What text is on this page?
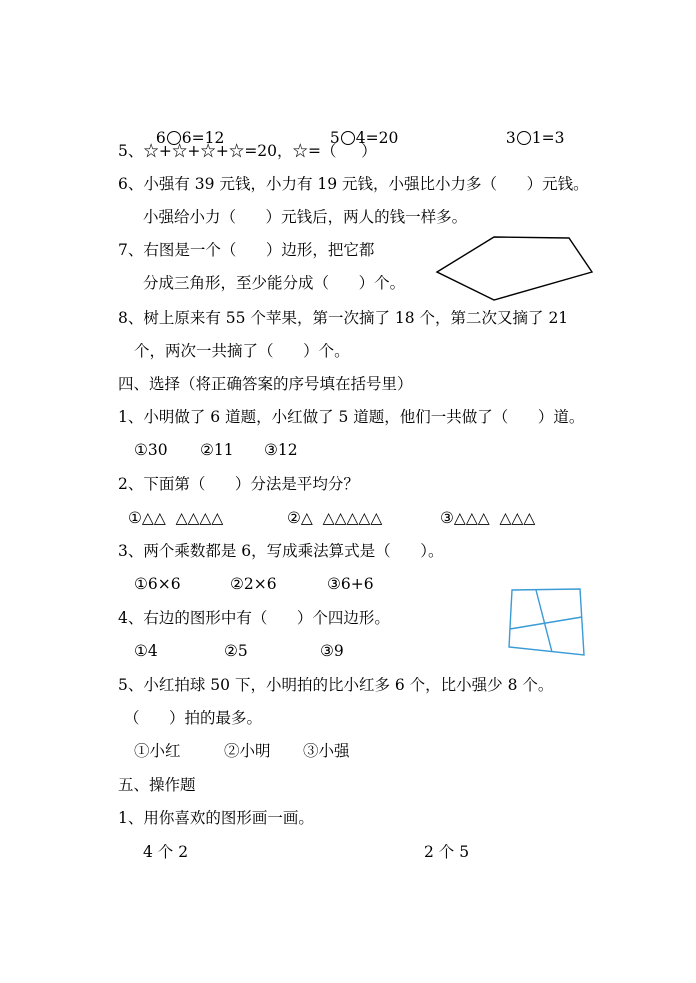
6 6=12	5 4=20	3 1=3

5、☆+☆+☆+☆=20，☆=（     ）
6、小强有 39 元钱，小力有 19 元钱，小强比小力多（      ）元钱。
小强给小力（      ）元钱后，两人的钱一样多。
7、右图是一个（      ）边形，把它都
分成三角形，至少能分成（      ）个。
8、树上原来有 55 个苹果，第一次摘了 18 个，第二次又摘了 21
个，两次一共摘了（      ）个。
四、选择（将正确答案的序号填在括号里）
1、小明做了 6 道题，小红做了 5 道题，他们一共做了（      ）道。
①30 ②11 ③12
2、下面第（      ）分法是平均分？
①△△  △△△△	②△  △△△△△	③△△△  △△△
3、两个乘数都是 6，写成乘法算式是（      ）。
①6×6	②2×6	③6+6
4、右边的图形中有（      ）个四边形。
①4	②5	③9
5、小红拍球 50 下，小明拍的比小红多 6 个，比小强少 8 个。
（      ）拍的最多。
①小红	②小明 ③小强
五、操作题
1、用你喜欢的图形画一画。
4 个 2	2 个 5
